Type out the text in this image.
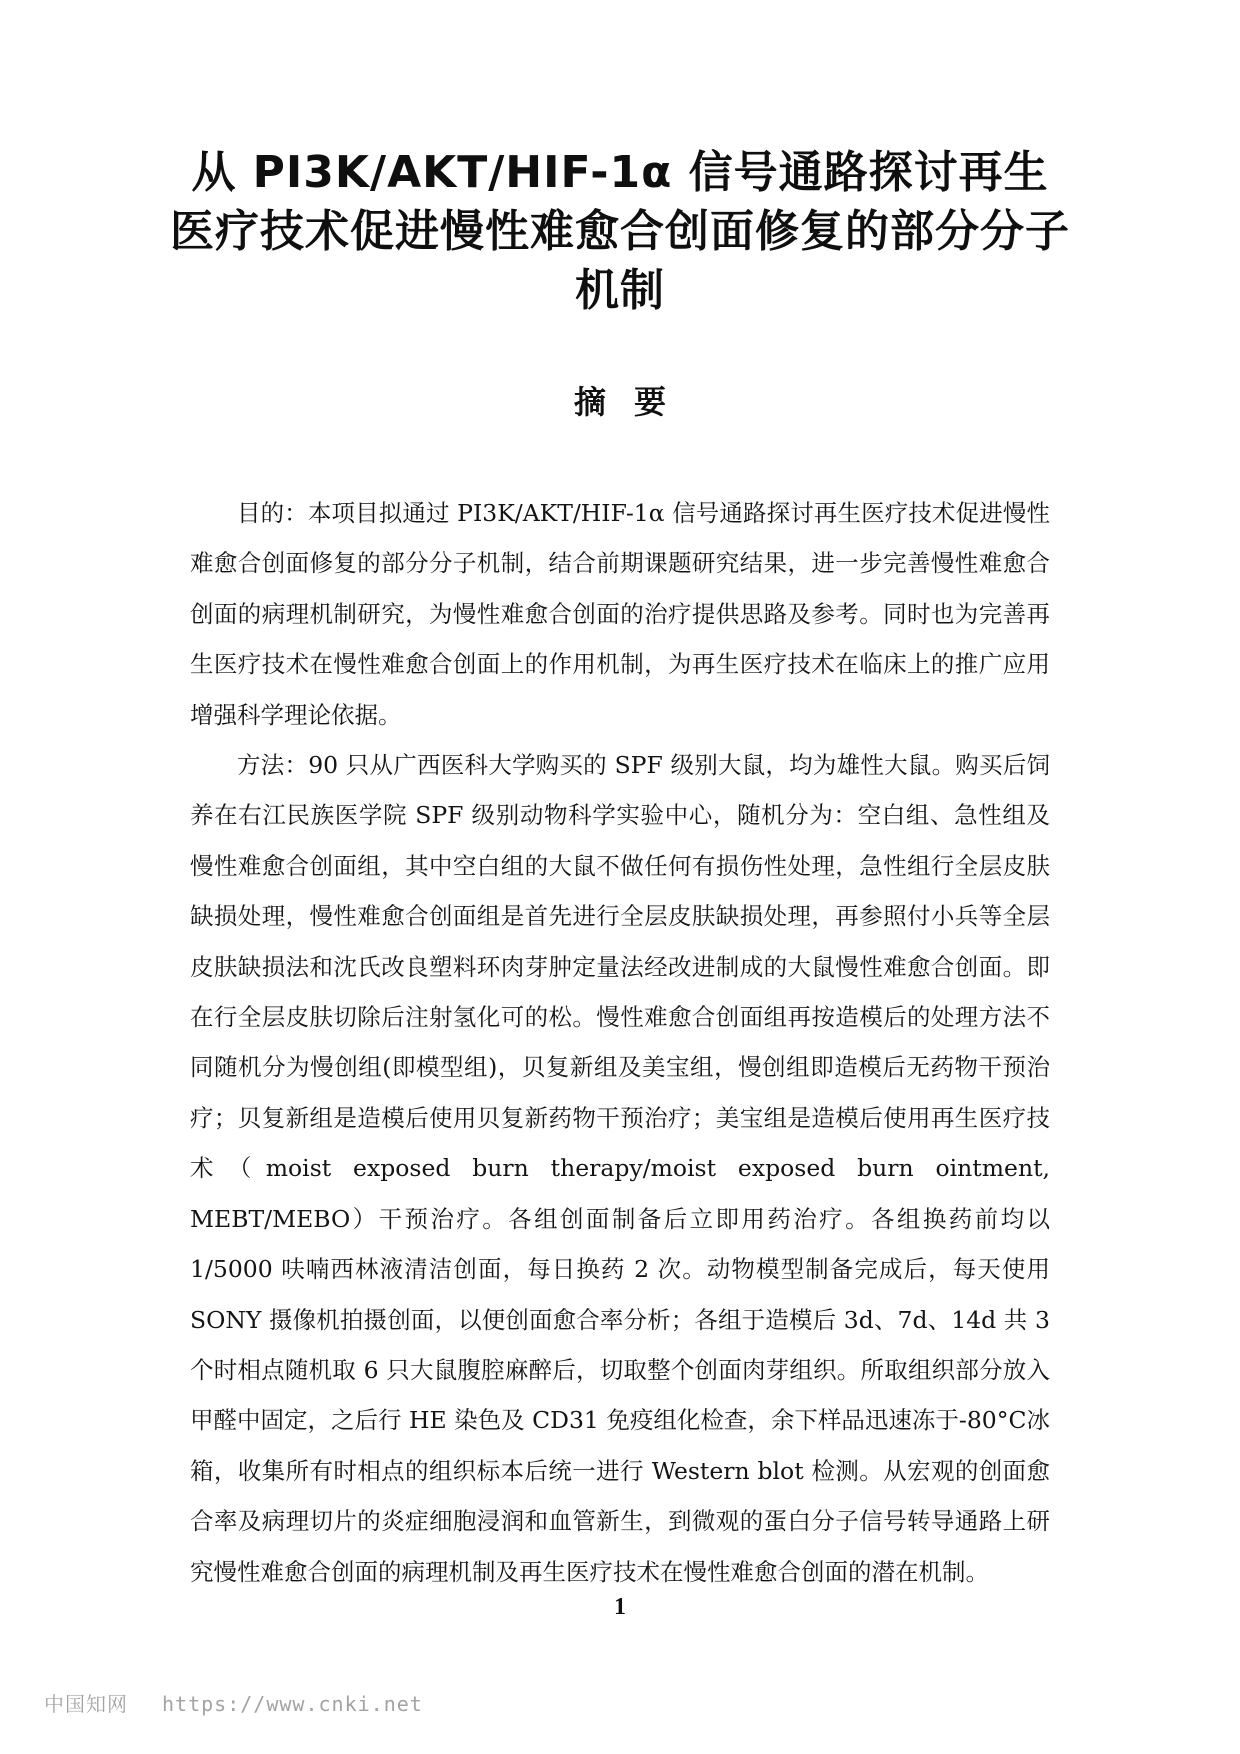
从 PI3K/AKT/HIF-1α 信号通路探讨再生医疗技术促进慢性难愈合创面修复的部分分子机制
摘要

目的：本项目拟通过 PI3K/AKT/HIF-1α 信号通路探讨再生医疗技术促进慢性难愈合创面修复的部分分子机制，结合前期课题研究结果，进一步完善慢性难愈合创面的病理机制研究，为慢性难愈合创面的治疗提供思路及参考。同时也为完善再生医疗技术在慢性难愈合创面上的作用机制，为再生医疗技术在临床上的推广应用增强科学理论依据。

方法：90 只从广西医科大学购买的 SPF 级别大鼠，均为雄性大鼠。购买后饲养在右江民族医学院 SPF 级别动物科学实验中心，随机分为：空白组、急性组及慢性难愈合创面组，其中空白组的大鼠不做任何有损伤性处理，急性组行全层皮肤缺损处理，慢性难愈合创面组是首先进行全层皮肤缺损处理，再参照付小兵等全层皮肤缺损法和沈氏改良塑料环肉芽肿定量法经改进制成的大鼠慢性难愈合创面。即在行全层皮肤切除后注射氢化可的松。慢性难愈合创面组再按造模后的处理方法不同随机分为慢创组(即模型组)，贝复新组及美宝组，慢创组即造模后无药物干预治疗；贝复新组是造模后使用贝复新药物干预治疗；美宝组是造模后使用再生医疗技术（moist exposed burn therapy/moist exposed burn ointment, MEBT/MEBO）干预治疗。各组创面制备后立即用药治疗。各组换药前均以 1/5000 呋喃西林液清洁创面，每日换药 2 次。动物模型制备完成后，每天使用 SONY 摄像机拍摄创面，以便创面愈合率分析；各组于造模后 3d、7d、14d 共 3 个时相点随机取 6 只大鼠腹腔麻醉后，切取整个创面肉芽组织。所取组织部分放入甲醛中固定，之后行 HE 染色及 CD31 免疫组化检查，余下样品迅速冻于-80°C冰箱，收集所有时相点的组织标本后统一进行 Western blot 检测。从宏观的创面愈合率及病理切片的炎症细胞浸润和血管新生，到微观的蛋白分子信号转导通路上研究慢性难愈合创面的病理机制及再生医疗技术在慢性难愈合创面的潜在机制。

1
中国知网 https://www.cnki.net
